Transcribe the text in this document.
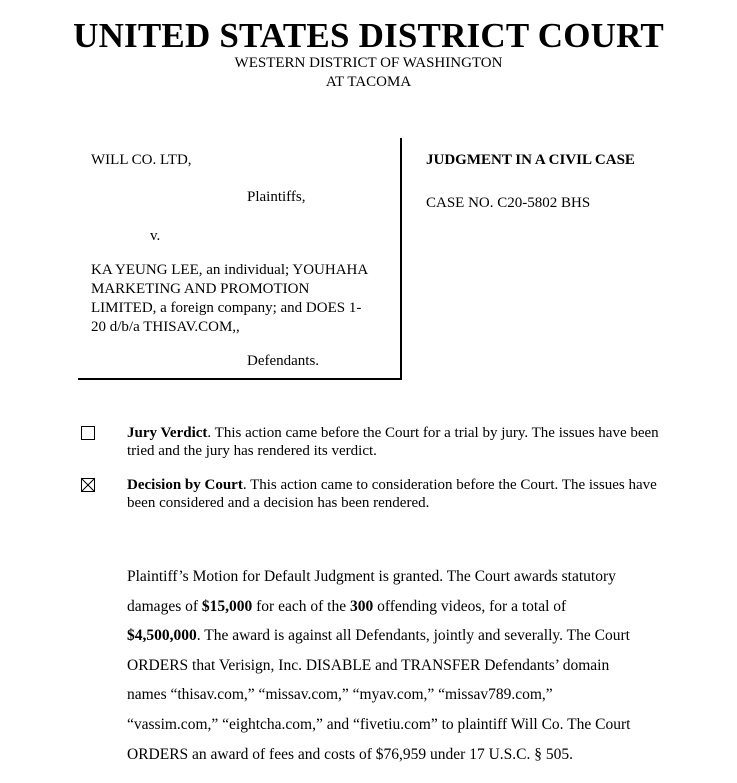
UNITED STATES DISTRICT COURT
WESTERN DISTRICT OF WASHINGTON
AT TACOMA
WILL CO. LTD,
Plaintiffs,
v.
KA YEUNG LEE, an individual; YOUHAHA
MARKETING AND PROMOTION
LIMITED, a foreign company; and DOES 1-
20 d/b/a THISAV.COM,,
Defendants.
JUDGMENT IN A CIVIL CASE
CASE NO. C20-5802 BHS
Jury Verdict. This action came before the Court for a trial by jury. The issues have been
tried and the jury has rendered its verdict.
Decision by Court. This action came to consideration before the Court. The issues have
been considered and a decision has been rendered.
Plaintiff’s Motion for Default Judgment is granted. The Court awards statutory
damages of $15,000 for each of the 300 offending videos, for a total of
$4,500,000. The award is against all Defendants, jointly and severally. The Court
ORDERS that Verisign, Inc. DISABLE and TRANSFER Defendants’ domain
names “thisav.com,” “missav.com,” “myav.com,” “missav789.com,”
“vassim.com,” “eightcha.com,” and “fivetiu.com” to plaintiff Will Co. The Court
ORDERS an award of fees and costs of $76,959 under 17 U.S.C. § 505.
